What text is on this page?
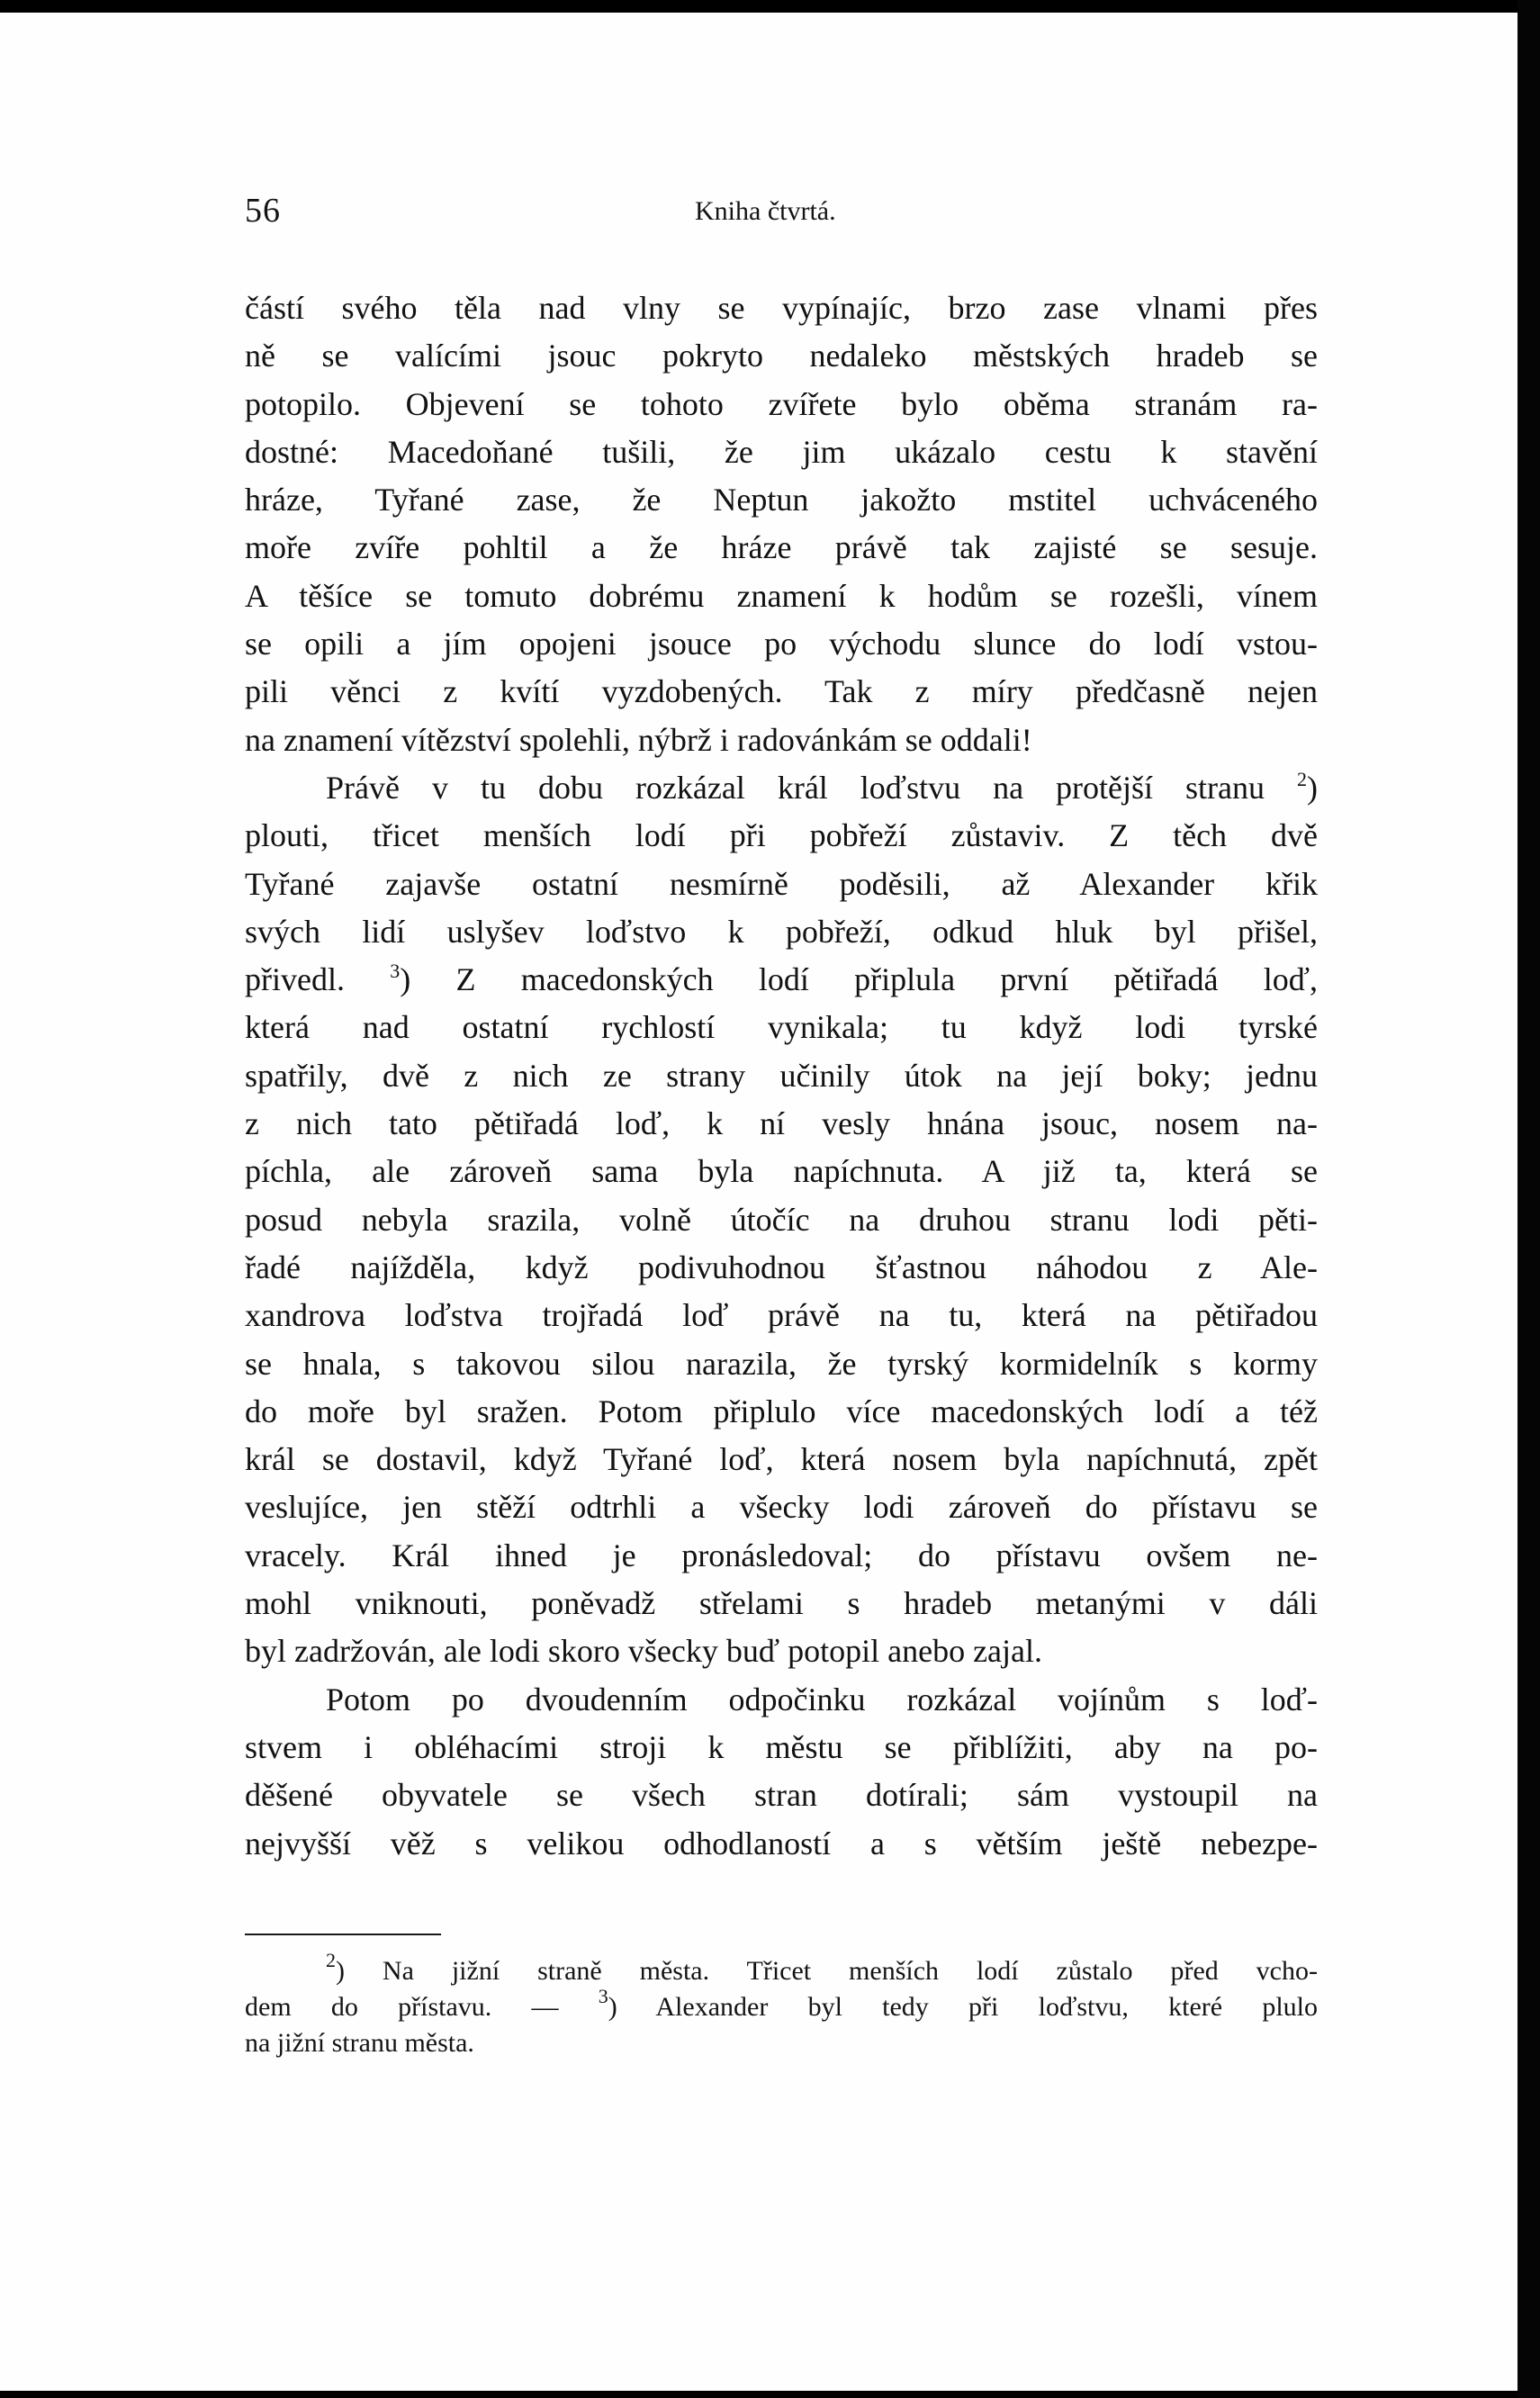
56	Kniha čtvrtá.
částí svého těla nad vlny se vypínajíc, brzo zase vlnami přes
ně se valícími jsouc pokryto nedaleko městských hradeb se
potopilo. Objevení se tohoto zvířete bylo oběma stranám ra-
dostné: Macedoňané tušili, že jim ukázalo cestu k stavění
hráze, Tyřané zase, že Neptun jakožto mstitel uchváceného
moře zvíře pohltil a že hráze právě tak zajisté se sesuje.
A těšíce se tomuto dobrému znamení k hodům se rozešli, vínem
se opili a jím opojeni jsouce po východu slunce do lodí vstou-
pili věnci z kvítí vyzdobených. Tak z míry předčasně nejen
na znamení vítězství spolehli, nýbrž i radovánkám se oddali!
Právě v tu dobu rozkázal král loďstvu na protější stranu $^2$)
plouti, třicet menších lodí při pobřeží zůstaviv. Z těch dvě
Tyřané zajavše ostatní nesmírně poděsili, až Alexander křik
svých lidí uslyšev loďstvo k pobřeží, odkud hluk byl přišel,
přivedl. $^3$) Z macedonských lodí připlula první pětiřadá loď,
která nad ostatní rychlostí vynikala; tu když lodi tyrské
spatřily, dvě z nich ze strany učinily útok na její boky; jednu
z nich tato pětiřadá loď, k ní vesly hnána jsouc, nosem na-
píchla, ale zároveň sama byla napíchnuta. A již ta, která se
posud nebyla srazila, volně útočíc na druhou stranu lodi pěti-
řadé najížděla, když podivuhodnou šťastnou náhodou z Ale-
xandrova loďstva trojřadá loď právě na tu, která na pětiřadou
se hnala, s takovou silou narazila, že tyrský kormidelník s kormy
do moře byl sražen. Potom připlulo více macedonských lodí a též
král se dostavil, když Tyřané loď, která nosem byla napíchnutá, zpět
veslujíce, jen stěží odtrhli a všecky lodi zároveň do přístavu se
vracely. Král ihned je pronásledoval; do přístavu ovšem ne-
mohl vniknouti, poněvadž střelami s hradeb metanými v dáli
byl zadržován, ale lodi skoro všecky buď potopil anebo zajal.
Potom po dvoudenním odpočinku rozkázal vojínům s loď-
stvem i obléhacími stroji k městu se přiblížiti, aby na po-
děšené obyvatele se všech stran dotírali; sám vystoupil na
nejvyšší věž s velikou odhodlaností a s větším ještě nebezpe-
$^2$) Na jižní straně města. Třicet menších lodí zůstalo před vcho-
dem do přístavu. — $^3$) Alexander byl tedy při loďstvu, které plulo
na jižní stranu města.
